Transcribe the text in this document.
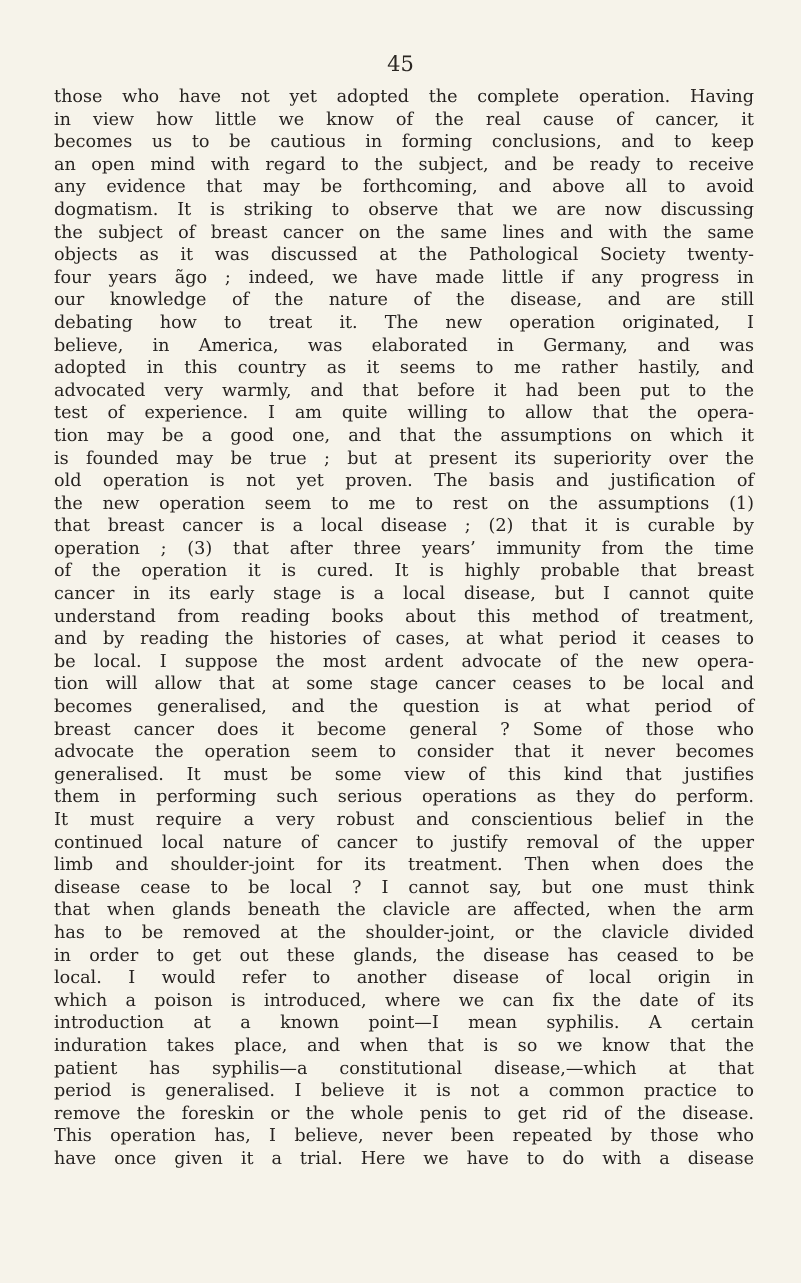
45
those who have not yet adopted the complete operation. Having
in view how little we know of the real cause of cancer, it
becomes us to be cautious in forming conclusions, and to keep
an open mind with regard to the subject, and be ready to receive
any evidence that may be forthcoming, and above all to avoid
dogmatism. It is striking to observe that we are now discussing
the subject of breast cancer on the same lines and with the same
objects as it was discussed at the Pathological Society twenty-
four years ãgo ; indeed, we have made little if any progress in
our knowledge of the nature of the disease, and are still
debating how to treat it. The new operation originated, I
believe, in America, was elaborated in Germany, and was
adopted in this country as it seems to me rather hastily, and
advocated very warmly, and that before it had been put to the
test of experience. I am quite willing to allow that the opera-
tion may be a good one, and that the assumptions on which it
is founded may be true ; but at present its superiority over the
old operation is not yet proven. The basis and justification of
the new operation seem to me to rest on the assumptions (1)
that breast cancer is a local disease ; (2) that it is curable by
operation ; (3) that after three years’ immunity from the time
of the operation it is cured. It is highly probable that breast
cancer in its early stage is a local disease, but I cannot quite
understand from reading books about this method of treatment,
and by reading the histories of cases, at what period it ceases to
be local. I suppose the most ardent advocate of the new opera-
tion will allow that at some stage cancer ceases to be local and
becomes generalised, and the question is at what period of
breast cancer does it become general ? Some of those who
advocate the operation seem to consider that it never becomes
generalised. It must be some view of this kind that justifies
them in performing such serious operations as they do perform.
It must require a very robust and conscientious belief in the
continued local nature of cancer to justify removal of the upper
limb and shoulder-joint for its treatment. Then when does the
disease cease to be local ? I cannot say, but one must think
that when glands beneath the clavicle are affected, when the arm
has to be removed at the shoulder-joint, or the clavicle divided
in order to get out these glands, the disease has ceased to be
local. I would refer to another disease of local origin in
which a poison is introduced, where we can fix the date of its
introduction at a known point—I mean syphilis. A certain
induration takes place, and when that is so we know that the
patient has syphilis—a constitutional disease,—which at that
period is generalised. I believe it is not a common practice to
remove the foreskin or the whole penis to get rid of the disease.
This operation has, I believe, never been repeated by those who
have once given it a trial. Here we have to do with a disease
